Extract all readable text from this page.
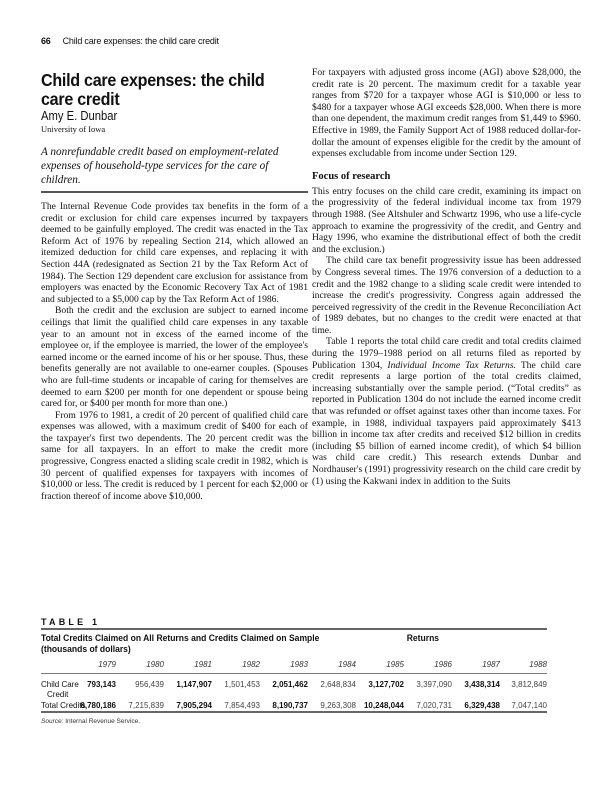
66 Child care expenses: the child care credit
Child care expenses: the child care credit
Amy E. Dunbar
University of Iowa
A nonrefundable credit based on employment-related expenses of household-type services for the care of children.

The Internal Revenue Code provides tax benefits in the form of a credit or exclusion for child care expenses incurred by taxpayers deemed to be gainfully employed. The credit was enacted in the Tax Reform Act of 1976 by repealing Section 214, which allowed an itemized deduction for child care expenses, and replacing it with Section 44A (redesignated as Section 21 by the Tax Reform Act of 1984). The Section 129 dependent care exclusion for assistance from employers was enacted by the Economic Recovery Tax Act of 1981 and subjected to a $5,000 cap by the Tax Reform Act of 1986.

Both the credit and the exclusion are subject to earned income ceilings that limit the qualified child care expenses in any taxable year to an amount not in excess of the earned income of the employee or, if the employee is married, the lower of the employee's earned income or the earned income of his or her spouse. Thus, these benefits generally are not available to one-earner couples. (Spouses who are full-time students or incapable of caring for themselves are deemed to earn $200 per month for one dependent or spouse being cared for, or $400 per month for more than one.)

From 1976 to 1981, a credit of 20 percent of qualified child care expenses was allowed, with a maximum credit of $400 for each of the taxpayer's first two dependents. The 20 percent credit was the same for all taxpayers. In an effort to make the credit more progressive, Congress enacted a sliding scale credit in 1982, which is 30 percent of qualified expenses for taxpayers with incomes of $10,000 or less. The credit is reduced by 1 percent for each $2,000 or fraction thereof of income above $10,000.

For taxpayers with adjusted gross income (AGI) above $28,000, the credit rate is 20 percent. The maximum credit for a taxable year ranges from $720 for a taxpayer whose AGI is $10,000 or less to $480 for a taxpayer whose AGI exceeds $28,000. When there is more than one dependent, the maximum credit ranges from $1,449 to $960. Effective in 1989, the Family Support Act of 1988 reduced dollar-for-dollar the amount of expenses eligible for the credit by the amount of expenses excludable from income under Section 129.

Focus of research

This entry focuses on the child care credit, examining its impact on the progressivity of the federal individual income tax from 1979 through 1988. (See Altshuler and Schwartz 1996, who use a life-cycle approach to examine the progressivity of the credit, and Gentry and Hagy 1996, who examine the distributional effect of both the credit and the exclusion.)

The child care tax benefit progressivity issue has been addressed by Congress several times. The 1976 conversion of a deduction to a credit and the 1982 change to a sliding scale credit were intended to increase the credit's progressivity. Congress again addressed the perceived regressivity of the credit in the Revenue Reconciliation Act of 1989 debates, but no changes to the credit were enacted at that time.

Table 1 reports the total child care credit and total credits claimed during the 1979–1988 period on all returns filed as reported by Publication 1304, Individual Income Tax Returns. The child care credit represents a large portion of the total credits claimed, increasing substantially over the sample period. (“Total credits” as reported in Publication 1304 do not include the earned income credit that was refunded or offset against taxes other than income taxes. For example, in 1988, individual taxpayers paid approximately $413 billion in income tax after credits and received $12 billion in credits (including $5 billion of earned income credit), of which $4 billion was child care credit.) This research extends Dunbar and Nordhauser's (1991) progressivity research on the child care credit by (1) using the Kakwani index in addition to the Suits

TABLE 1
Total Credits Claimed on All Returns and Credits Claimed on Sample	Returns
(thousands of dollars)
1979	1980	1981	1982	1983	1984	1985	1986	1987	1988
Child Care
Credit
793,143 956,439 1,147,907 1,501,453 2,051,462 2,648,834 3,127,702 3,397,090 3,438,314 3,812,849
Total Credits
6,780,186 7,215,839 7,905,294 7,854,493 8,190,737 9,263,308 10,248,044 7,020,731 6,329,438 7,047,140
Source: Internal Revenue Service.
